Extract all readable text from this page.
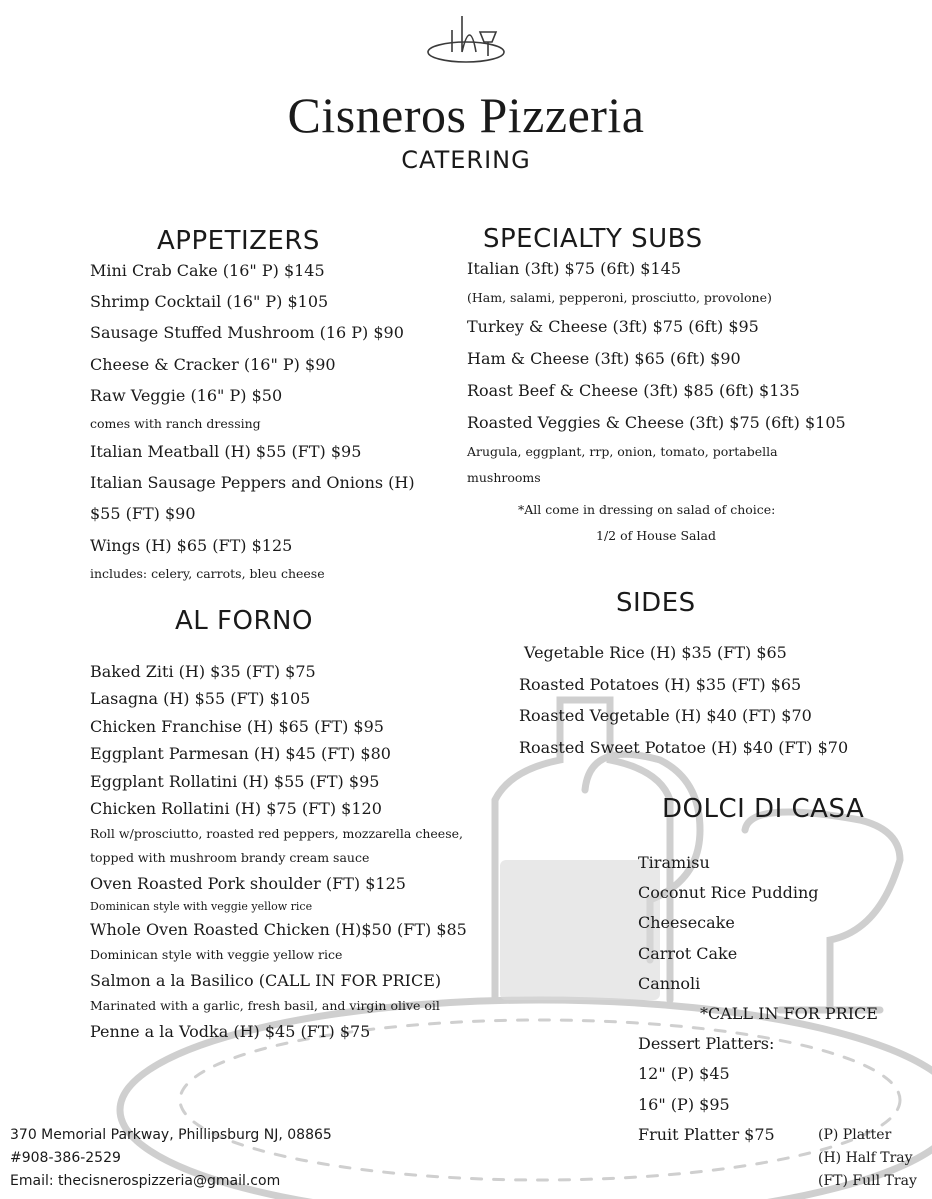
Cisneros Pizzeria
CATERING
APPETIZERS
Mini Crab Cake (16" P) $145
Shrimp Cocktail (16" P) $105
Sausage Stuffed Mushroom (16 P) $90
Cheese & Cracker (16" P) $90
Raw Veggie (16" P) $50
comes with ranch dressing
Italian Meatball (H) $55 (FT) $95
Italian Sausage Peppers and Onions (H)
$55 (FT) $90
Wings (H) $65 (FT) $125
includes: celery, carrots, bleu cheese
SPECIALTY SUBS
Italian (3ft) $75 (6ft) $145
(Ham, salami, pepperoni, prosciutto, provolone)
Turkey & Cheese (3ft) $75 (6ft) $95
Ham & Cheese (3ft) $65 (6ft) $90
Roast Beef & Cheese (3ft) $85 (6ft) $135
Roasted Veggies & Cheese (3ft) $75 (6ft) $105
Arugula, eggplant, rrp, onion, tomato, portabella
mushrooms
*All come in dressing on salad of choice:
1/2 of House Salad
AL FORNO
Baked Ziti (H) $35 (FT) $75
Lasagna (H) $55 (FT) $105
Chicken Franchise (H) $65 (FT) $95
Eggplant Parmesan (H) $45 (FT) $80
Eggplant Rollatini (H) $55 (FT) $95
Chicken Rollatini (H) $75 (FT) $120
Roll w/prosciutto, roasted red peppers, mozzarella cheese,
topped with mushroom brandy cream sauce
Oven Roasted Pork shoulder (FT) $125
Dominican style with veggie yellow rice
Whole Oven Roasted Chicken (H)$50 (FT) $85
Dominican style with veggie yellow rice
Salmon a la Basilico (CALL IN FOR PRICE)
Marinated with a garlic, fresh basil, and virgin olive oil
Penne a la Vodka (H) $45 (FT) $75
SIDES
Vegetable Rice (H) $35 (FT) $65
Roasted Potatoes (H) $35 (FT) $65
Roasted Vegetable (H) $40 (FT) $70
Roasted Sweet Potatoe (H) $40 (FT) $70
DOLCI DI CASA
Tiramisu
Coconut Rice Pudding
Cheesecake
Carrot Cake
Cannoli
*CALL IN FOR PRICE
Dessert Platters:
12" (P) $45
16" (P) $95
Fruit Platter $75
370 Memorial Parkway, Phillipsburg NJ, 08865
#908-386-2529
Email: thecisnerospizzeria@gmail.com
(P) Platter
(H) Half Tray
(FT) Full Tray
